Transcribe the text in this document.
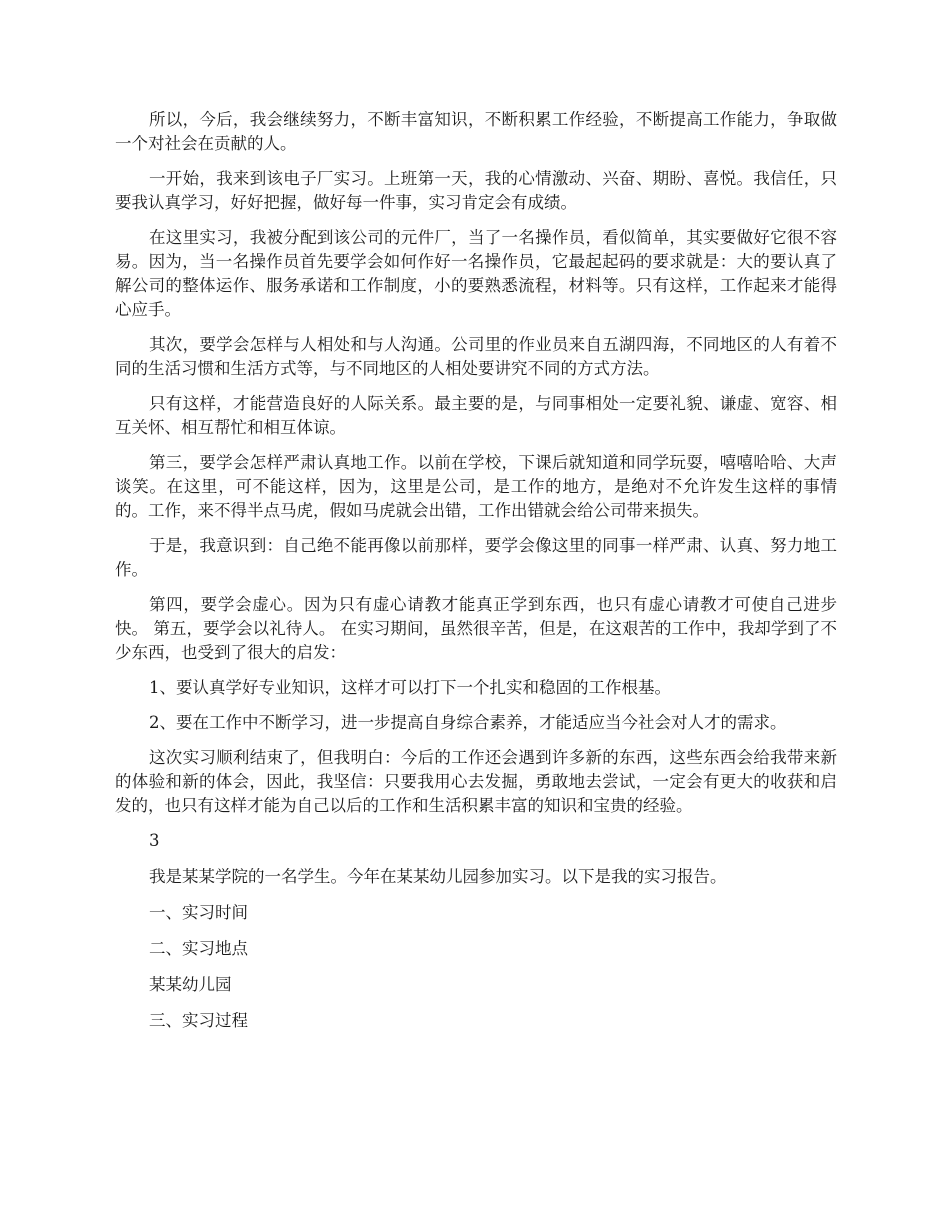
所以，今后，我会继续努力，不断丰富知识，不断积累工作经验，不断提高工作能力，争取做一个对社会在贡献的人。

一开始，我来到该电子厂实习。上班第一天，我的心情激动、兴奋、期盼、喜悦。我信任，只要我认真学习，好好把握，做好每一件事，实习肯定会有成绩。

在这里实习，我被分配到该公司的元件厂，当了一名操作员，看似简单，其实要做好它很不容易。因为，当一名操作员首先要学会如何作好一名操作员，它最起起码的要求就是：大的要认真了解公司的整体运作、服务承诺和工作制度，小的要熟悉流程，材料等。只有这样，工作起来才能得心应手。

其次，要学会怎样与人相处和与人沟通。公司里的作业员来自五湖四海，不同地区的人有着不同的生活习惯和生活方式等，与不同地区的人相处要讲究不同的方式方法。

只有这样，才能营造良好的人际关系。最主要的是，与同事相处一定要礼貌、谦虚、宽容、相互关怀、相互帮忙和相互体谅。

第三，要学会怎样严肃认真地工作。以前在学校，下课后就知道和同学玩耍，嘻嘻哈哈、大声谈笑。在这里，可不能这样，因为，这里是公司，是工作的地方，是绝对不允许发生这样的事情的。工作，来不得半点马虎，假如马虎就会出错，工作出错就会给公司带来损失。

于是，我意识到：自己绝不能再像以前那样，要学会像这里的同事一样严肃、认真、努力地工作。

第四，要学会虚心。因为只有虚心请教才能真正学到东西，也只有虚心请教才可使自己进步快。 第五，要学会以礼待人。 在实习期间，虽然很辛苦，但是，在这艰苦的工作中，我却学到了不少东西，也受到了很大的启发：

1、要认真学好专业知识，这样才可以打下一个扎实和稳固的工作根基。

2、要在工作中不断学习，进一步提高自身综合素养，才能适应当今社会对人才的需求。

这次实习顺利结束了，但我明白：今后的工作还会遇到许多新的东西，这些东西会给我带来新的体验和新的体会，因此，我坚信：只要我用心去发掘，勇敢地去尝试，一定会有更大的收获和启发的，也只有这样才能为自己以后的工作和生活积累丰富的知识和宝贵的经验。

3

我是某某学院的一名学生。今年在某某幼儿园参加实习。以下是我的实习报告。

一、实习时间

二、实习地点

某某幼儿园

三、实习过程
